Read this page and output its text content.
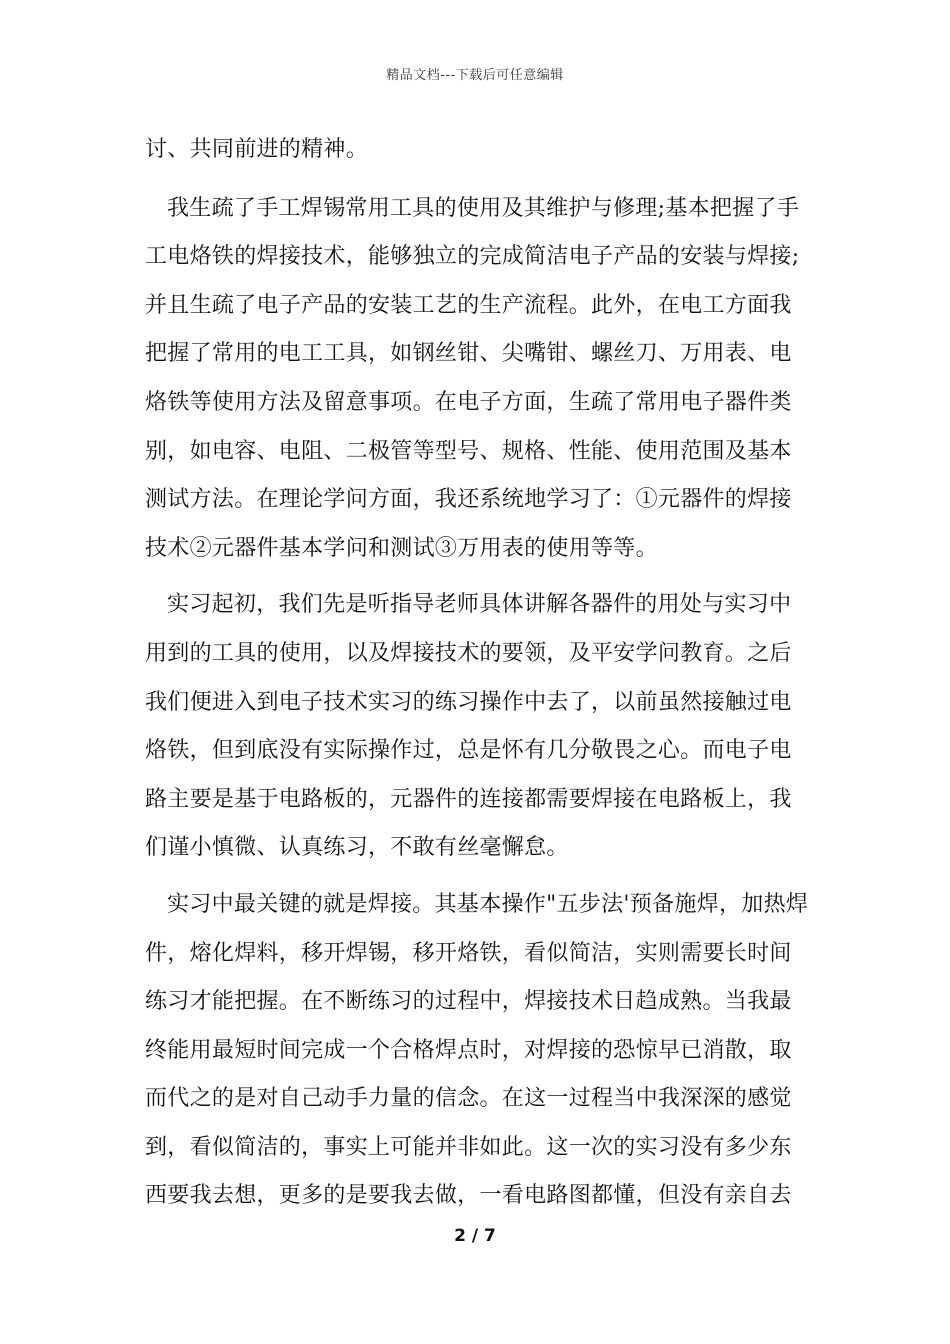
精品文档---下载后可任意编辑
讨、共同前进的精神。
我生疏了手工焊锡常用工具的使用及其维护与修理;基本把握了手
工电烙铁的焊接技术，能够独立的完成简洁电子产品的安装与焊接;
并且生疏了电子产品的安装工艺的生产流程。此外，在电工方面我
把握了常用的电工工具，如钢丝钳、尖嘴钳、螺丝刀、万用表、电
烙铁等使用方法及留意事项。在电子方面，生疏了常用电子器件类
别，如电容、电阻、二极管等型号、规格、性能、使用范围及基本
测试方法。在理论学问方面，我还系统地学习了：①元器件的焊接
技术②元器件基本学问和测试③万用表的使用等等。
实习起初，我们先是听指导老师具体讲解各器件的用处与实习中
用到的工具的使用，以及焊接技术的要领，及平安学问教育。之后
我们便进入到电子技术实习的练习操作中去了，以前虽然接触过电
烙铁，但到底没有实际操作过，总是怀有几分敬畏之心。而电子电
路主要是基于电路板的，元器件的连接都需要焊接在电路板上，我
们谨小慎微、认真练习，不敢有丝毫懈怠。
实习中最关键的就是焊接。其基本操作"五步法'预备施焊，加热焊
件，熔化焊料，移开焊锡，移开烙铁，看似简洁，实则需要长时间
练习才能把握。在不断练习的过程中，焊接技术日趋成熟。当我最
终能用最短时间完成一个合格焊点时，对焊接的恐惊早已消散，取
而代之的是对自己动手力量的信念。在这一过程当中我深深的感觉
到，看似简洁的，事实上可能并非如此。这一次的实习没有多少东
西要我去想，更多的是要我去做，一看电路图都懂，但没有亲自去
2 / 7
